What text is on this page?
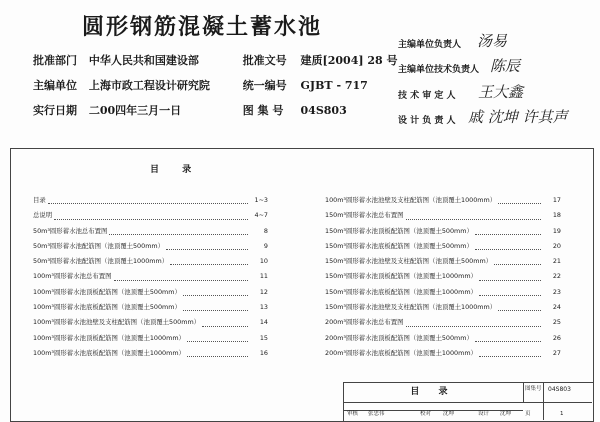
圆形钢筋混凝土蓄水池
批准部门 中华人民共和国建设部	批准文号 建质[2004] 28 号
主编单位 上海市政工程设计研究院	统一编号 GJBT - 717
实行日期 二00四年三月一日	图 集 号 04S803
主编单位负责人 汤易
主编单位技术负责人 陈辰
技 术 审 定 人 王大鑫
设 计 负 责 人 戚 沈坤 许其声
目 录
目录	1~3
总说明	4~7
50m³圆形蓄水池总布置图	8
50m³圆形蓄水池配筋图（池顶覆土500mm）	9
50m³圆形蓄水池配筋图（池顶覆土1000mm）	10
100m³圆形蓄水池总布置图	11
100m³圆形蓄水池顶板配筋图（池顶覆土500mm）	12
100m³圆形蓄水池底板配筋图（池顶覆土500mm）	13
100m³圆形蓄水池池壁及支柱配筋图（池顶覆土500mm）	14
100m³圆形蓄水池顶板配筋图（池顶覆土1000mm）	15
100m³圆形蓄水池底板配筋图（池顶覆土1000mm）	16
100m³圆形蓄水池池壁及支柱配筋图（池顶覆土1000mm）	17
150m³圆形蓄水池总布置图	18
150m³圆形蓄水池顶板配筋图（池顶覆土500mm）	19
150m³圆形蓄水池底板配筋图（池顶覆土500mm）	20
150m³圆形蓄水池池壁及支柱配筋图（池顶覆土500mm）	21
150m³圆形蓄水池顶板配筋图（池顶覆土1000mm）	22
150m³圆形蓄水池底板配筋图（池顶覆土1000mm）	23
150m³圆形蓄水池池壁及支柱配筋图（池顶覆土1000mm）	24
200m³圆形蓄水池总布置图	25
200m³圆形蓄水池顶板配筋图（池顶覆土500mm）	26
200m³圆形蓄水池底板配筋图（池顶覆土1000mm）	27
目 录	图集号 04S803
审核 张忠伟	校对 沈坤	设计 沈坤	页	1
